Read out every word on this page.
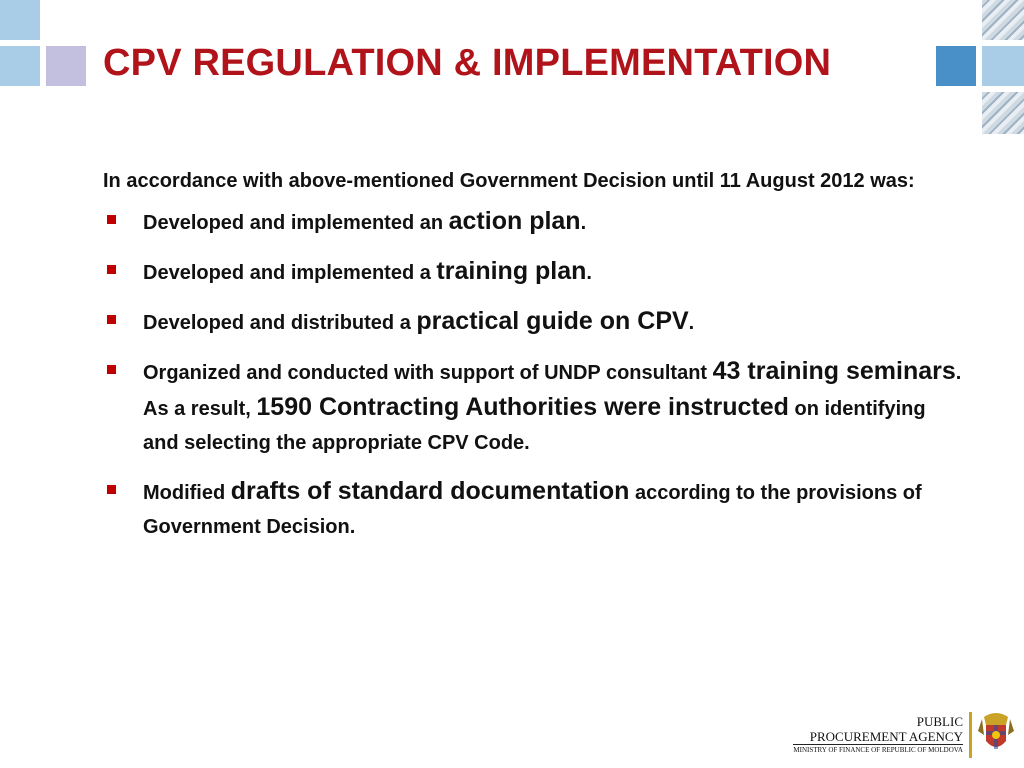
CPV REGULATION & IMPLEMENTATION

In accordance with above-mentioned Government Decision until 11 August 2012 was:

Developed and implemented an action plan.
Developed and implemented a training plan.
Developed and distributed a practical guide on CPV.
Organized and conducted with support of UNDP consultant 43 training seminars. As a result, 1590 Contracting Authorities were instructed on identifying and selecting the appropriate CPV Code.
Modified drafts of standard documentation according to the provisions of Government Decision.
PUBLIC
PROCUREMENT AGENCY
MINISTRY OF FINANCE OF REPUBLIC OF MOLDOVA
